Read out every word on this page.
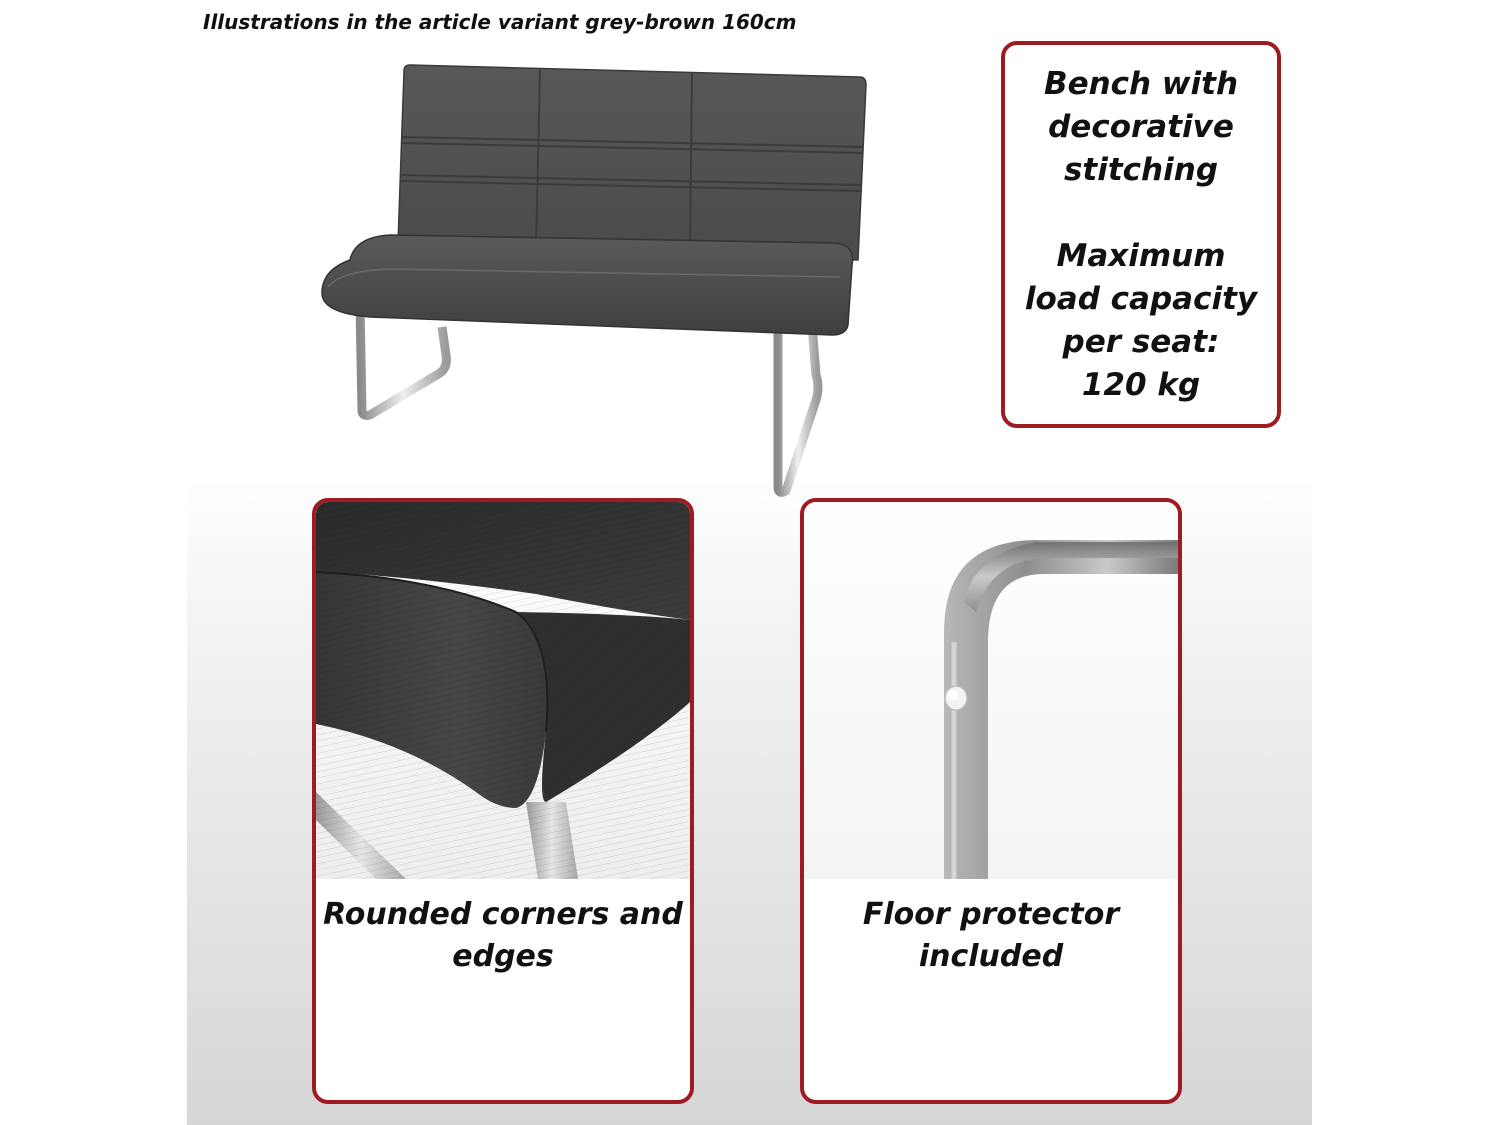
Illustrations in the article variant grey-brown 160cm
Bench with
decorative
stitching
Maximum
load capacity
per seat:
120 kg
Rounded corners and
edges
Floor protector
included
